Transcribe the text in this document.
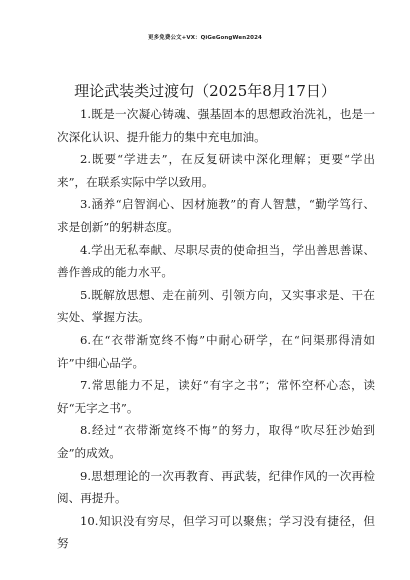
更多免费公文+VX：QiGeGongWen2024
理论武装类过渡句（2025年8月17日）

1.既是一次凝心铸魂、强基固本的思想政治洗礼，也是一次深化认识、提升能力的集中充电加油。

2.既要“学进去”，在反复研读中深化理解；更要“学出来”，在联系实际中学以致用。

3.涵养“启智润心、因材施教”的育人智慧，“勤学笃行、求是创新”的躬耕态度。

4.学出无私奉献、尽职尽责的使命担当，学出善思善谋、善作善成的能力水平。

5.既解放思想、走在前列、引领方向，又实事求是、干在实处、掌握方法。

6.在“衣带渐宽终不悔”中耐心研学，在“问渠那得清如许”中细心品学。

7.常思能力不足，读好“有字之书”；常怀空杯心态，读好“无字之书”。

8.经过“衣带渐宽终不悔”的努力，取得“吹尽狂沙始到金”的成效。

9.思想理论的一次再教育、再武装，纪律作风的一次再检阅、再提升。

10.知识没有穷尽，但学习可以聚焦；学习没有捷径，但努
